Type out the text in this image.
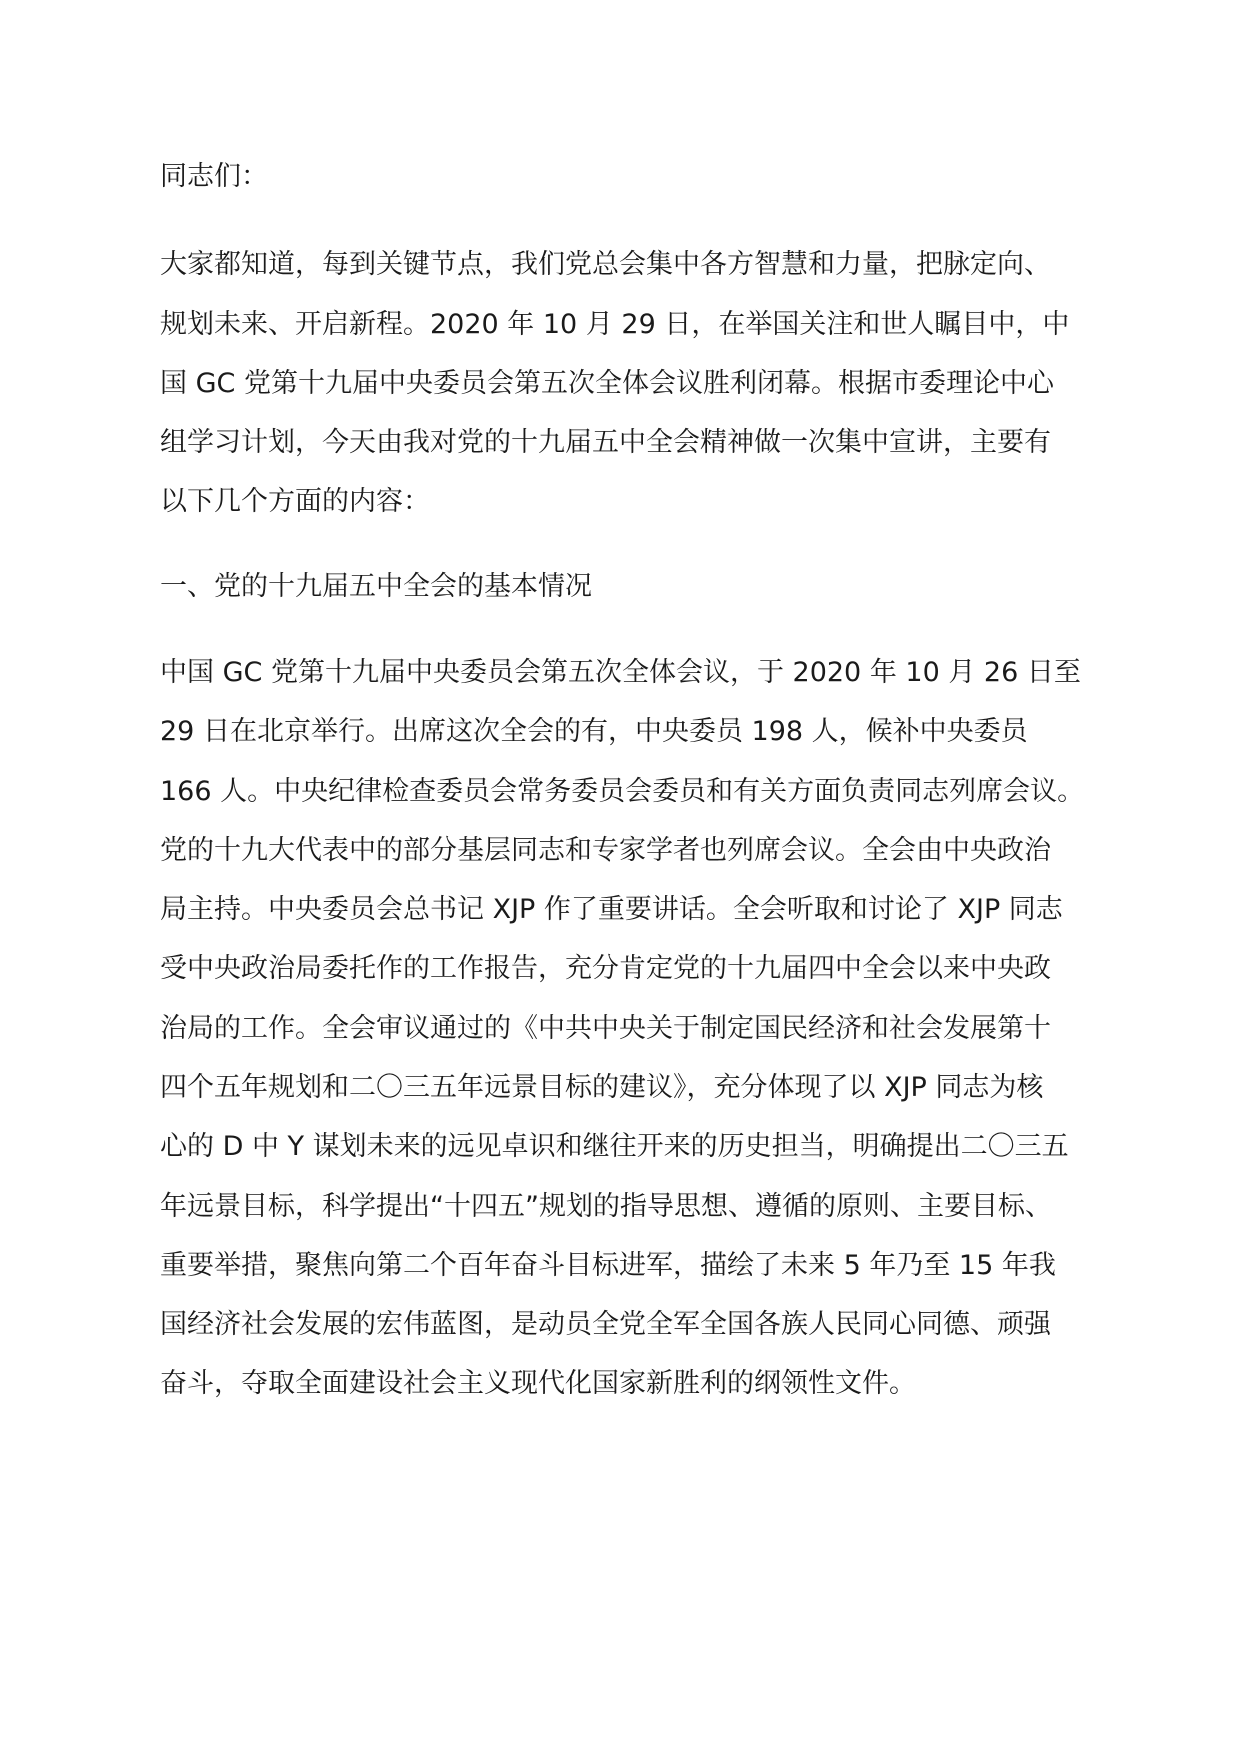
同志们：
大家都知道，每到关键节点，我们党总会集中各方智慧和力量，把脉定向、
规划未来、开启新程。2020 年 10 月 29 日，在举国关注和世人瞩目中，中
国 GC 党第十九届中央委员会第五次全体会议胜利闭幕。根据市委理论中心
组学习计划，今天由我对党的十九届五中全会精神做一次集中宣讲，主要有
以下几个方面的内容：
一、党的十九届五中全会的基本情况
中国 GC 党第十九届中央委员会第五次全体会议，于 2020 年 10 月 26 日至
29 日在北京举行。出席这次全会的有，中央委员 198 人，候补中央委员
166 人。中央纪律检查委员会常务委员会委员和有关方面负责同志列席会议。
党的十九大代表中的部分基层同志和专家学者也列席会议。全会由中央政治
局主持。中央委员会总书记 XJP 作了重要讲话。全会听取和讨论了 XJP 同志
受中央政治局委托作的工作报告，充分肯定党的十九届四中全会以来中央政
治局的工作。全会审议通过的《中共中央关于制定国民经济和社会发展第十
四个五年规划和二〇三五年远景目标的建议》，充分体现了以 XJP 同志为核
心的 D 中 Y 谋划未来的远见卓识和继往开来的历史担当，明确提出二〇三五
年远景目标，科学提出“十四五”规划的指导思想、遵循的原则、主要目标、
重要举措，聚焦向第二个百年奋斗目标进军，描绘了未来 5 年乃至 15 年我
国经济社会发展的宏伟蓝图，是动员全党全军全国各族人民同心同德、顽强
奋斗，夺取全面建设社会主义现代化国家新胜利的纲领性文件。
